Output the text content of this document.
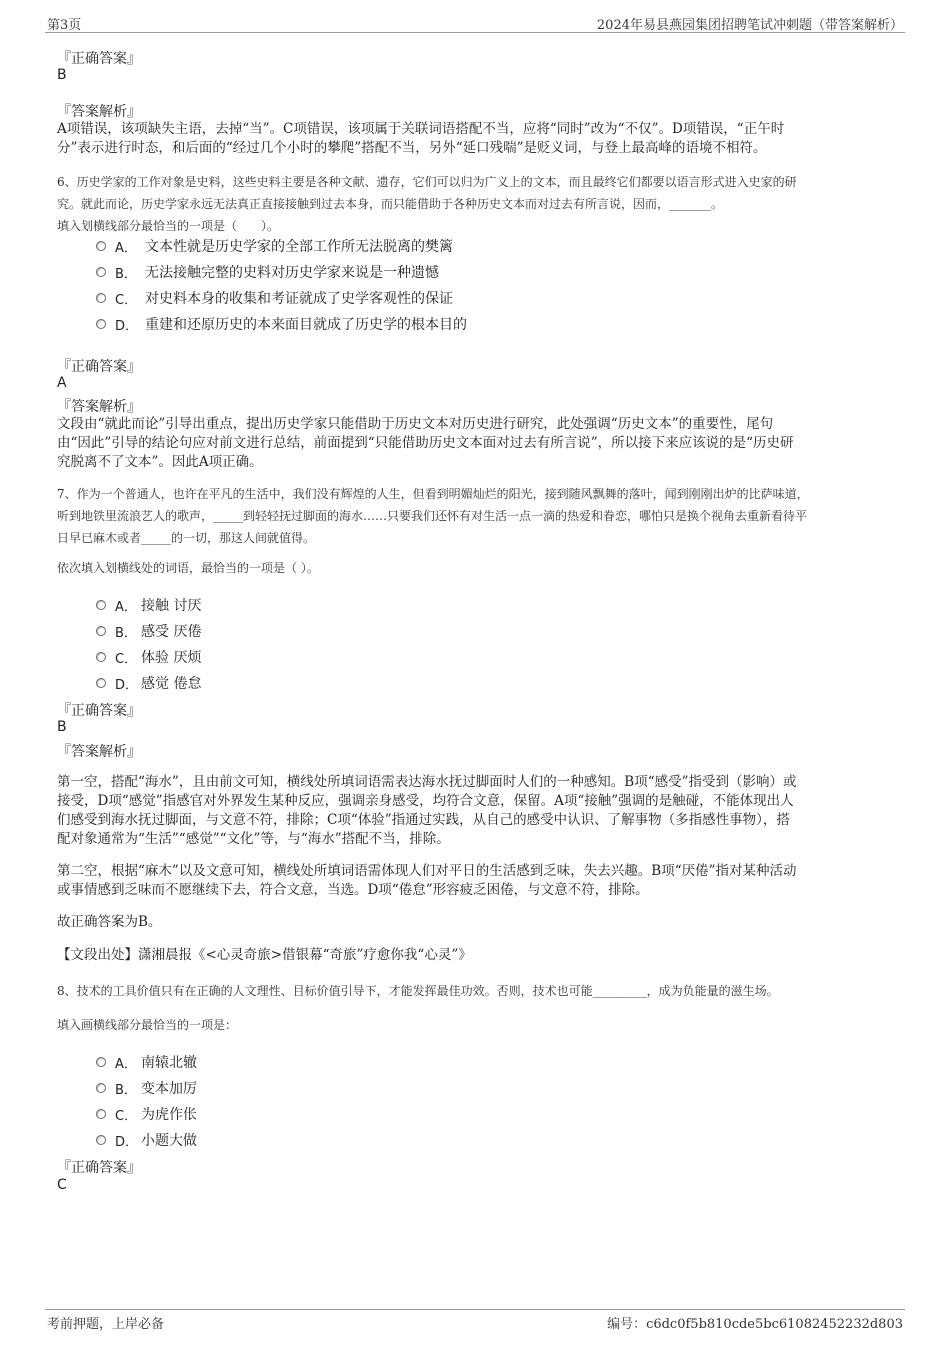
第3页	2024年易县燕园集团招聘笔试冲刺题（带答案解析）
『正确答案』
B
『答案解析』
A项错误，该项缺失主语，去掉“当”。C项错误，该项属于关联词语搭配不当，应将“同时”改为“不仅”。D项错误，“正午时
分”表示进行时态，和后面的“经过几个小时的攀爬”搭配不当，另外“延口残喘”是贬义词，与登上最高峰的语境不相符。
6、历史学家的工作对象是史料，这些史料主要是各种文献、遗存，它们可以归为广义上的文本，而且最终它们都要以语言形式进入史家的研
究。就此而论，历史学家永远无法真正直接接触到过去本身，而只能借助于各种历史文本而对过去有所言说，因而，_______。
填入划横线部分最恰当的一项是（　　）。
A． 文本性就是历史学家的全部工作所无法脱离的樊篱
B． 无法接触完整的史料对历史学家来说是一种遗憾
C． 对史料本身的收集和考证就成了史学客观性的保证
D． 重建和还原历史的本来面目就成了历史学的根本目的
『正确答案』
A
『答案解析』
文段由“就此而论”引导出重点，提出历史学家只能借助于历史文本对历史进行研究，此处强调“历史文本”的重要性，尾句
由“因此”引导的结论句应对前文进行总结，前面提到“只能借助历史文本面对过去有所言说”，所以接下来应该说的是“历史研
究脱离不了文本”。因此A项正确。
7、作为一个普通人，也许在平凡的生活中，我们没有辉煌的人生，但看到明媚灿烂的阳光，接到随风飘舞的落叶，闻到刚刚出炉的比萨味道，
听到地铁里流浪艺人的歌声，_____到轻轻抚过脚面的海水……只要我们还怀有对生活一点一滴的热爱和眷恋，哪怕只是换个视角去重新看待平
日早已麻木或者_____的一切，那这人间就值得。
依次填入划横线处的词语，最恰当的一项是（ ）。
A． 接触 讨厌
B． 感受 厌倦
C． 体验 厌烦
D． 感觉 倦怠
『正确答案』
B
『答案解析』
第一空，搭配“海水”，且由前文可知，横线处所填词语需表达海水抚过脚面时人们的一种感知。B项“感受”指受到（影响）或
接受，D项“感觉”指感官对外界发生某种反应，强调亲身感受，均符合文意，保留。A项“接触”强调的是触碰，不能体现出人
们感受到海水抚过脚面，与文意不符，排除；C项“体验”指通过实践，从自己的感受中认识、了解事物（多指感性事物），搭
配对象通常为“生活”“感觉”“文化”等，与“海水”搭配不当，排除。
第二空，根据“麻木”以及文意可知，横线处所填词语需体现人们对平日的生活感到乏味，失去兴趣。B项“厌倦”指对某种活动
或事情感到乏味而不愿继续下去，符合文意，当选。D项“倦怠”形容疲乏困倦，与文意不符，排除。
故正确答案为B。
【文段出处】潇湘晨报《<心灵奇旅>借银幕“奇旅”疗愈你我“心灵”》
8、技术的工具价值只有在正确的人文理性、目标价值引导下，才能发挥最佳功效。否则，技术也可能_________，成为负能量的滋生场。
填入画横线部分最恰当的一项是：
A． 南辕北辙
B． 变本加厉
C． 为虎作伥
D． 小题大做
『正确答案』
C
考前押题，上岸必备	编号：c6dc0f5b810cde5bc61082452232d803
